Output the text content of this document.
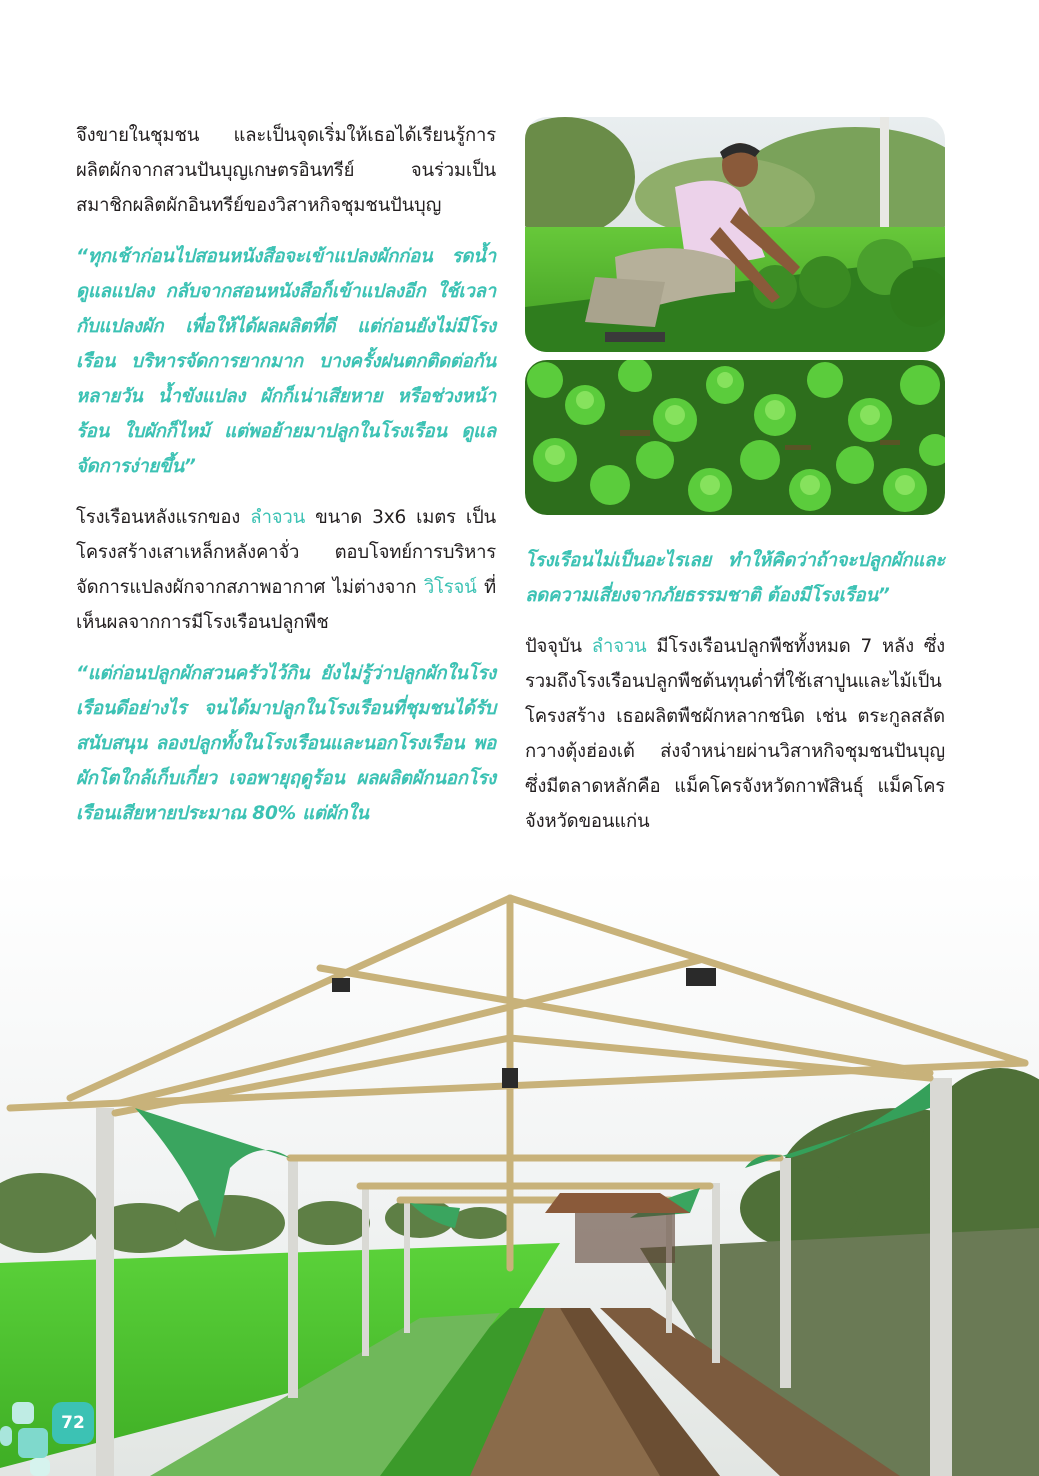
จึงขายในชุมชน และเป็นจุดเริ่มให้เธอได้เรียนรู้การผลิตผักจากสวนปันบุญเกษตรอินทรีย์ จนร่วมเป็นสมาชิกผลิตผักอินทรีย์ของวิสาหกิจชุมชนปันบุญ

“ทุกเช้าก่อนไปสอนหนังสือจะเข้าแปลงผักก่อน รดน้ำดูแลแปลง กลับจากสอนหนังสือก็เข้าแปลงอีก ใช้เวลากับแปลงผัก เพื่อให้ได้ผลผลิตที่ดี แต่ก่อนยังไม่มีโรงเรือน บริหารจัดการยากมาก บางครั้งฝนตกติดต่อกันหลายวัน น้ำขังแปลง ผักก็เน่าเสียหาย หรือช่วงหน้าร้อน ใบผักก็ไหม้ แต่พอย้ายมาปลูกในโรงเรือน ดูแลจัดการง่ายขึ้น”

โรงเรือนหลังแรกของ ลำจวน ขนาด 3x6 เมตร เป็นโครงสร้างเสาเหล็กหลังคาจั่ว ตอบโจทย์การบริหารจัดการแปลงผักจากสภาพอากาศ ไม่ต่างจาก วิโรจน์ ที่เห็นผลจากการมีโรงเรือนปลูกพืช

“แต่ก่อนปลูกผักสวนครัวไว้กิน ยังไม่รู้ว่าปลูกผักในโรงเรือนดีอย่างไร จนได้มาปลูกในโรงเรือนที่ชุมชนได้รับสนับสนุน ลองปลูกทั้งในโรงเรือนและนอกโรงเรือน พอผักโตใกล้เก็บเกี่ยว เจอพายุฤดูร้อน ผลผลิตผักนอกโรงเรือนเสียหายประมาณ 80% แต่ผักใน

โรงเรือนไม่เป็นอะไรเลย ทำให้คิดว่าถ้าจะปลูกผักและลดความเสี่ยงจากภัยธรรมชาติ ต้องมีโรงเรือน”

ปัจจุบัน ลำจวน มีโรงเรือนปลูกพืชทั้งหมด 7 หลัง ซึ่งรวมถึงโรงเรือนปลูกพืชต้นทุนต่ำที่ใช้เสาปูนและไม้เป็นโครงสร้าง เธอผลิตพืชผักหลากชนิด เช่น ตระกูลสลัด กวางตุ้งฮ่องเต้ ส่งจำหน่ายผ่านวิสาหกิจชุมชนปันบุญ ซึ่งมีตลาดหลักคือ แม็คโครจังหวัดกาฬสินธุ์ แม็คโครจังหวัดขอนแก่น

72
